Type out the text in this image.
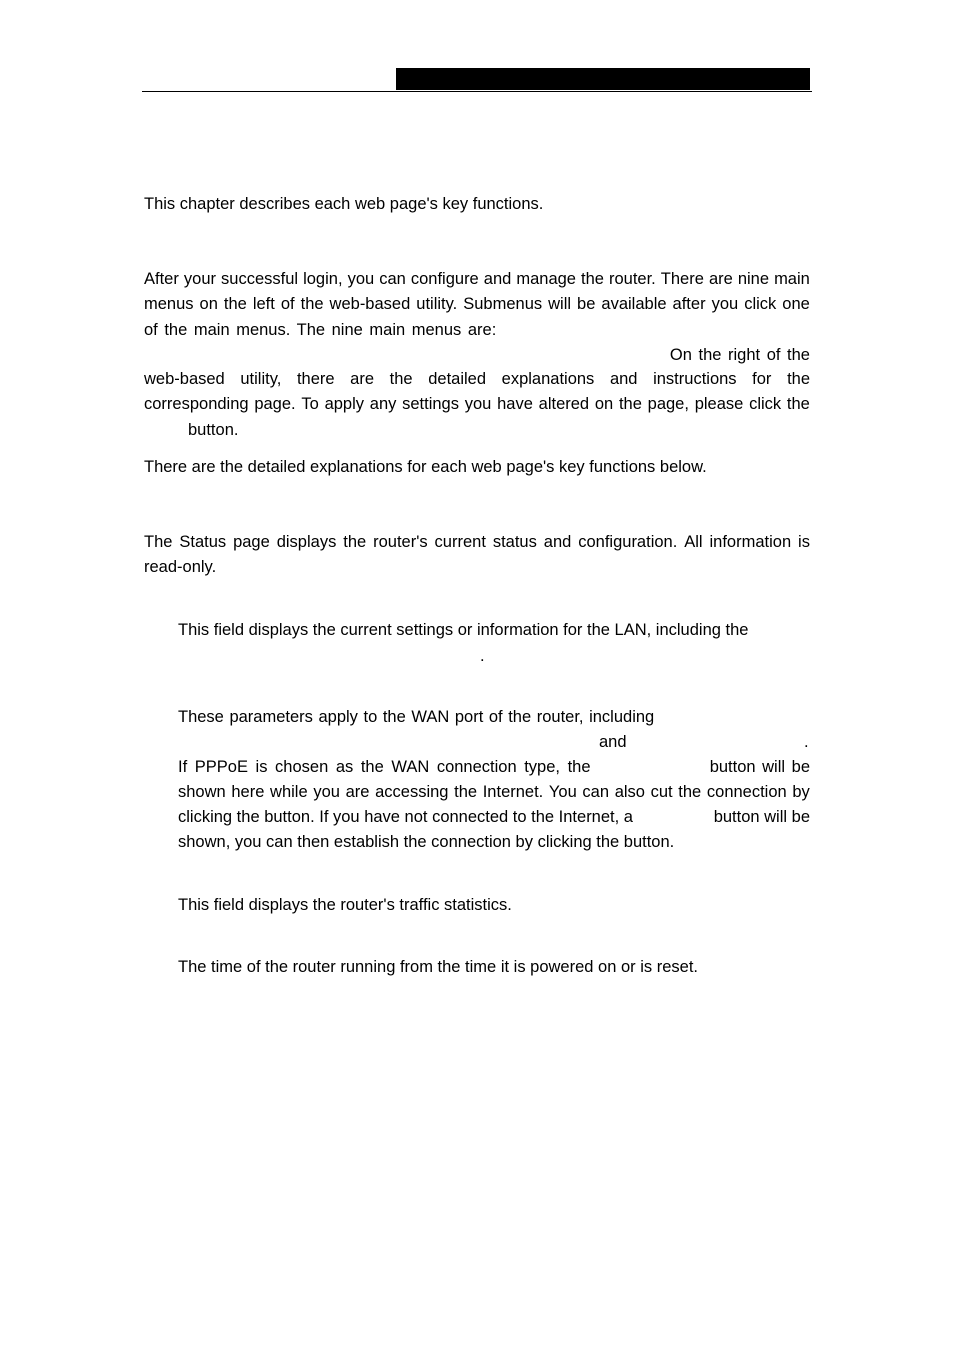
This chapter describes each web page's key functions.
After your successful login, you can configure and manage the router. There are nine main
menus on the left of the web-based utility. Submenus will be available after you click one
of the main menus. The nine main menus are:
On the right of the
web-based utility, there are the detailed explanations and instructions for the
corresponding page. To apply any settings you have altered on the page, please click the
button.
There are the detailed explanations for each web page's key functions below.
The Status page displays the router's current status and configuration. All information is
read-only.
This field displays the current settings or information for the LAN, including the
.
These parameters apply to the WAN port of the router, including
and	.
If PPPoE is chosen as the WAN connection type, the	button will be
shown here while you are accessing the Internet. You can also cut the connection by
clicking the button. If you have not connected to the Internet, a	button will be
shown, you can then establish the connection by clicking the button.
This field displays the router's traffic statistics.
The time of the router running from the time it is powered on or is reset.
